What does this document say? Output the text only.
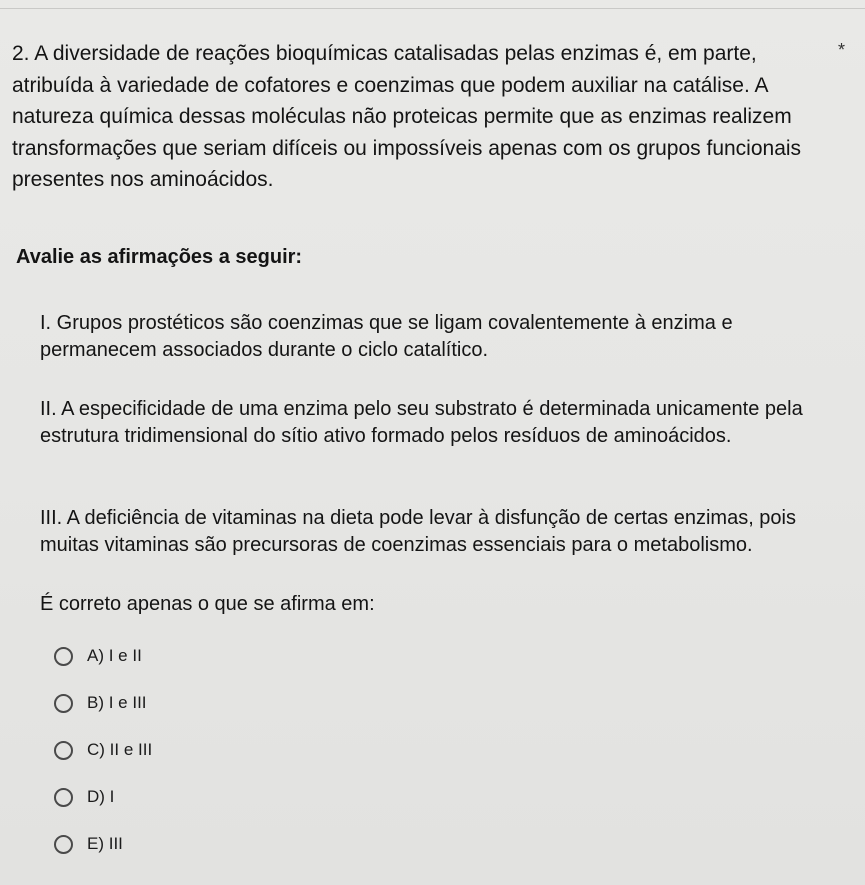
2. A diversidade de reações bioquímicas catalisadas pelas enzimas é, em parte, atribuída à variedade de cofatores e coenzimas que podem auxiliar na catálise. A natureza química dessas moléculas não proteicas permite que as enzimas realizem transformações que seriam difíceis ou impossíveis apenas com os grupos funcionais presentes nos aminoácidos.
*
Avalie as afirmações a seguir:
I. Grupos prostéticos são coenzimas que se ligam covalentemente à enzima e permanecem associados durante o ciclo catalítico.
II. A especificidade de uma enzima pelo seu substrato é determinada unicamente pela estrutura tridimensional do sítio ativo formado pelos resíduos de aminoácidos.
III. A deficiência de vitaminas na dieta pode levar à disfunção de certas enzimas, pois muitas vitaminas são precursoras de coenzimas essenciais para o metabolismo.
É correto apenas o que se afirma em:
A) I e II
B) I e III
C) II e III
D) I
E) III
